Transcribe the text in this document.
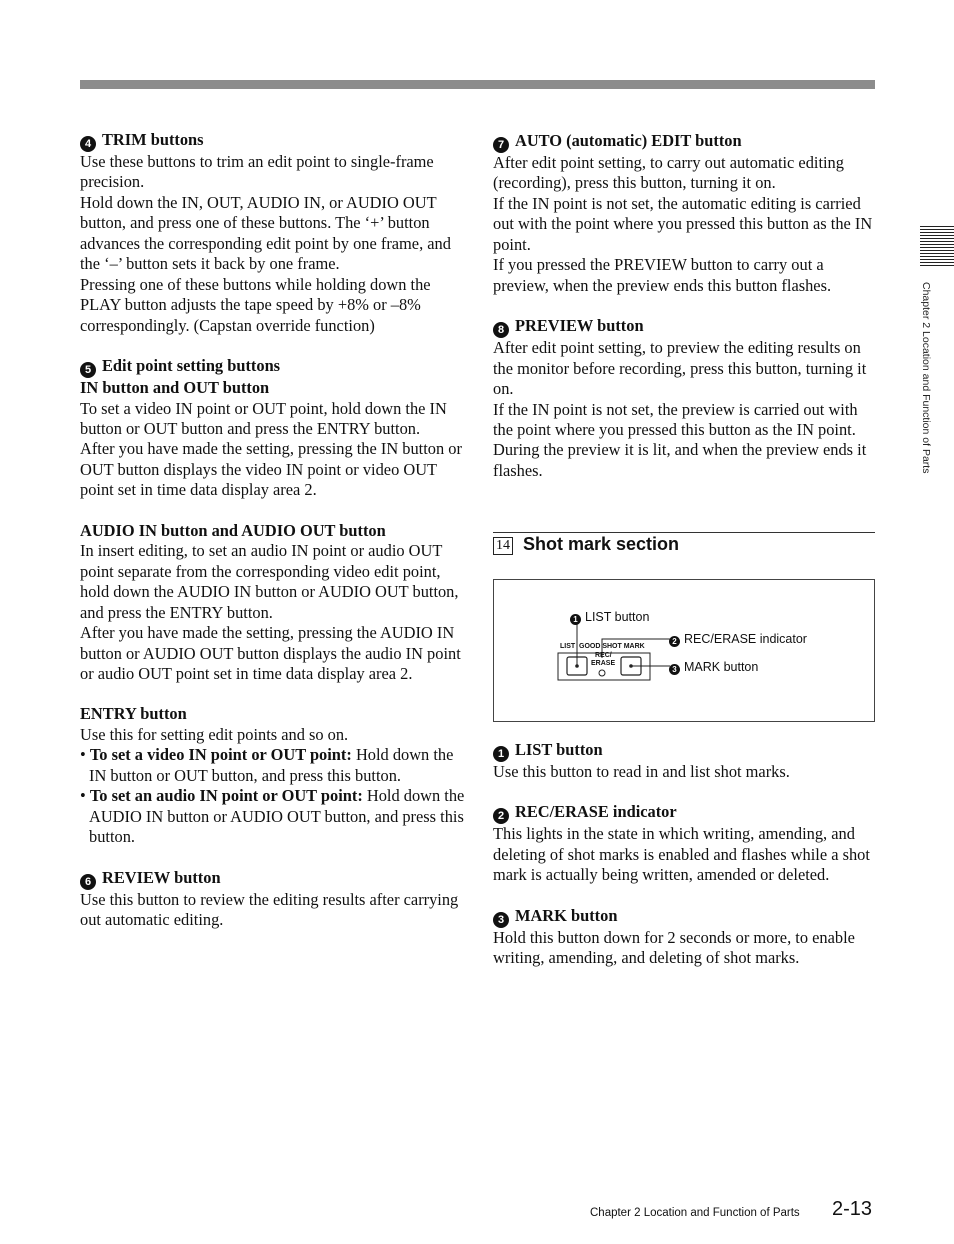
4 TRIM buttons
Use these buttons to trim an edit point to single-frame precision.
Hold down the IN, OUT, AUDIO IN, or AUDIO OUT button, and press one of these buttons. The ‘+’ button advances the corresponding edit point by one frame, and the ‘–’ button sets it back by one frame.
Pressing one of these buttons while holding down the PLAY button adjusts the tape speed by +8% or –8% correspondingly. (Capstan override function)
5 Edit point setting buttons
IN button and OUT button
To set a video IN point or OUT point, hold down the IN button or OUT button and press the ENTRY button.
After you have made the setting, pressing the IN button or OUT button displays the video IN point or video OUT point set in time data display area 2.
AUDIO IN button and AUDIO OUT button
In insert editing, to set an audio IN point or audio OUT point separate from the corresponding video edit point, hold down the AUDIO IN button or AUDIO OUT button, and press the ENTRY button.
After you have made the setting, pressing the AUDIO IN button or AUDIO OUT button displays the audio IN point or audio OUT point set in time data display area 2.
ENTRY button
Use this for setting edit points and so on.
• To set a video IN point or OUT point: Hold down the IN button or OUT button, and press this button.
• To set an audio IN point or OUT point: Hold down the AUDIO IN button or AUDIO OUT button, and press this button.
6 REVIEW button
Use this button to review the editing results after carrying out automatic editing.
7 AUTO (automatic) EDIT button
After edit point setting, to carry out automatic editing (recording), press this button, turning it on.
If the IN point is not set, the automatic editing is carried out with the point where you pressed this button as the IN point.
If you pressed the PREVIEW button to carry out a preview, when the preview ends this button flashes.
8 PREVIEW button
After edit point setting, to preview the editing results on the monitor before recording, press this button, turning it on.
If the IN point is not set, the preview is carried out with the point where you pressed this button as the IN point.
During the preview it is lit, and when the preview ends it flashes.
14 Shot mark section
LIST GOOD SHOT MARK
REC/
ERASE
1 LIST button
2 REC/ERASE indicator
3 MARK button
1 LIST button
Use this button to read in and list shot marks.
2 REC/ERASE indicator
This lights in the state in which writing, amending, and deleting of shot marks is enabled and flashes while a shot mark is actually being written, amended or deleted.
3 MARK button
Hold this button down for 2 seconds or more, to enable writing, amending, and deleting of shot marks.
Chapter 2 Location and Function of Parts
Chapter 2 Location and Function of Parts 2-13
